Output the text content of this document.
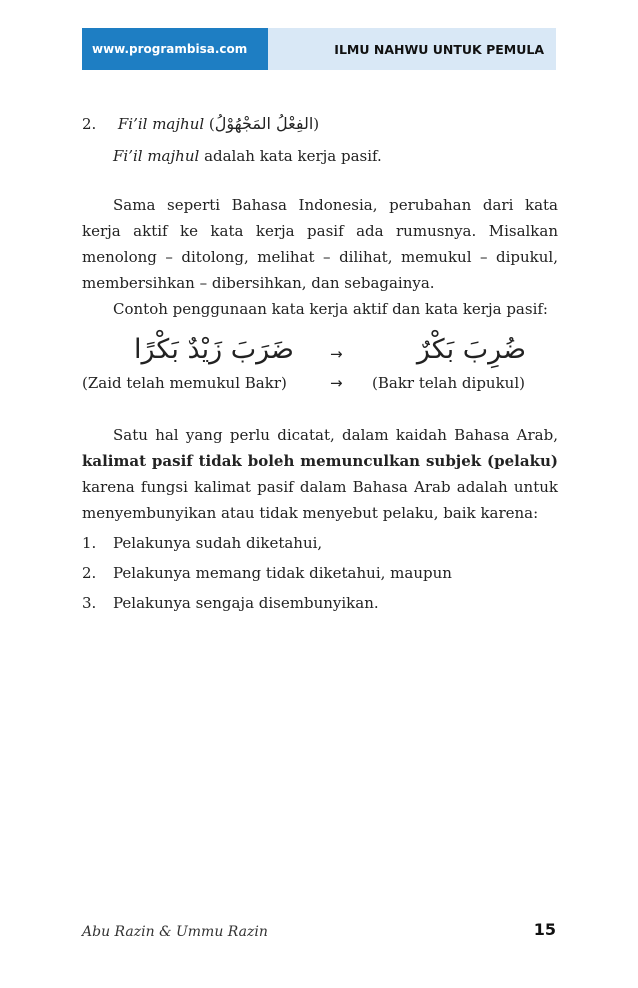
www.programbisa.com	ILMU NAHWU UNTUK PEMULA
2. Fi’il majhul (الفِعْلُ المَجْهُوْلُ)
Fi’il majhul adalah kata kerja pasif.
Sama seperti Bahasa Indonesia, perubahan dari kata
kerja aktif ke kata kerja pasif ada rumusnya. Misalkan
menolong – ditolong, melihat – dilihat, memukul – dipukul,
membersihkan – dibersihkan, dan sebagainya.
Contoh penggunaan kata kerja aktif dan kata kerja pasif:
ضَرَبَ زَيْدٌ بَكْرًا →	ضُرِبَ بَكْرٌ
(Zaid telah memukul Bakr)	→ (Bakr telah dipukul)
Satu hal yang perlu dicatat, dalam kaidah Bahasa Arab,
kalimat pasif tidak boleh memunculkan subjek (pelaku)
karena fungsi kalimat pasif dalam Bahasa Arab adalah untuk
menyembunyikan atau tidak menyebut pelaku, baik karena:
1. Pelakunya sudah diketahui,
2. Pelakunya memang tidak diketahui, maupun
3. Pelakunya sengaja disembunyikan.
Abu Razin & Ummu Razin	15
